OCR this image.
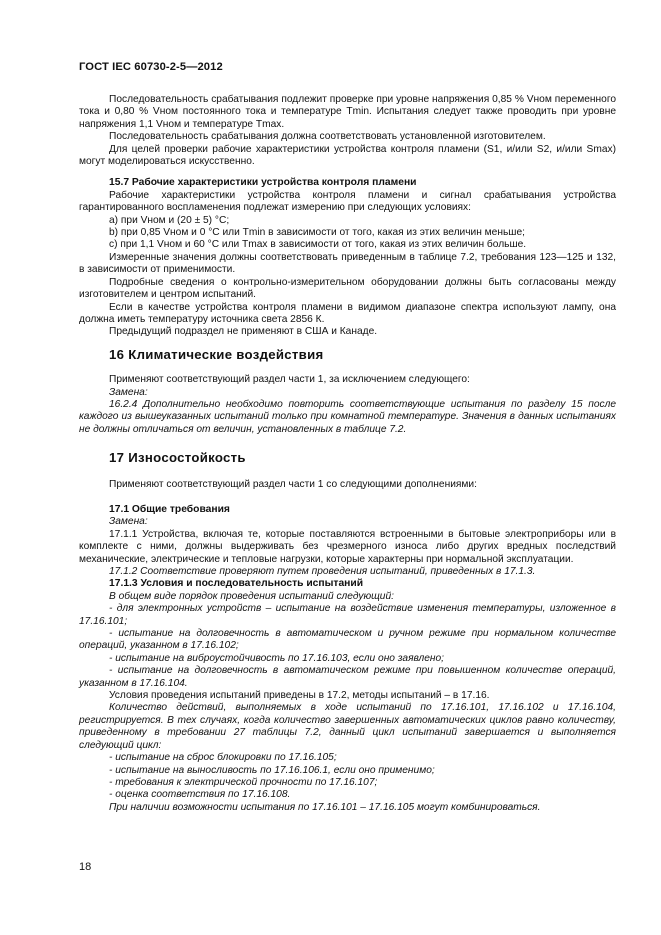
ГОСТ IEC 60730-2-5—2012

Последовательность срабатывания подлежит проверке при уровне напряжения 0,85 % Vном переменного тока и 0,80 % Vном постоянного тока и температуре Tmin. Испытания следует также проводить при уровне напряжения 1,1 Vном и температуре Tmax.

Последовательность срабатывания должна соответствовать установленной изготовителем.

Для целей проверки рабочие характеристики устройства контроля пламени (S1, и/или S2, и/или Smax) могут моделироваться искусственно.

15.7 Рабочие характеристики устройства контроля пламени

Рабочие характеристики устройства контроля пламени и сигнал срабатывания устройства гарантированного воспламенения подлежат измерению при следующих условиях:

a) при Vном и (20 ± 5) °C;

b) при 0,85 Vном и 0 °C или Tmin в зависимости от того, какая из этих величин меньше;

c) при 1,1 Vном и 60 °C или Tmax в зависимости от того, какая из этих величин больше.

Измеренные значения должны соответствовать приведенным в таблице 7.2, требования 123—125 и 132, в зависимости от применимости.

Подробные сведения о контрольно-измерительном оборудовании должны быть согласованы между изготовителем и центром испытаний.

Если в качестве устройства контроля пламени в видимом диапазоне спектра используют лампу, она должна иметь температуру источника света 2856 К.

Предыдущий подраздел не применяют в США и Канаде.

16 Климатические воздействия

Применяют соответствующий раздел части 1, за исключением следующего:

Замена:

16.2.4 Дополнительно необходимо повторить соответствующие испытания по разделу 15 после каждого из вышеуказанных испытаний только при комнатной температуре. Значения в данных испытаниях не должны отличаться от величин, установленных в таблице 7.2.

17 Износостойкость

Применяют соответствующий раздел части 1 со следующими дополнениями:

17.1 Общие требования

Замена:

17.1.1 Устройства, включая те, которые поставляются встроенными в бытовые электроприборы или в комплекте с ними, должны выдерживать без чрезмерного износа либо других вредных последствий механические, электрические и тепловые нагрузки, которые характерны при нормальной эксплуатации.

17.1.2 Соответствие проверяют путем проведения испытаний, приведенных в 17.1.3.

17.1.3 Условия и последовательность испытаний

В общем виде порядок проведения испытаний следующий:

- для электронных устройств – испытание на воздействие изменения температуры, изложенное в 17.16.101;

- испытание на долговечность в автоматическом и ручном режиме при нормальном количестве операций, указанном в 17.16.102;

- испытание на виброустойчивость по 17.16.103, если оно заявлено;

- испытание на долговечность в автоматическом режиме при повышенном количестве операций, указанном в 17.16.104.

Условия проведения испытаний приведены в 17.2, методы испытаний – в 17.16.

Количество действий, выполняемых в ходе испытаний по 17.16.101, 17.16.102 и 17.16.104, регистрируется. В тех случаях, когда количество завершенных автоматических циклов равно количеству, приведенному в требовании 27 таблицы 7.2, данный цикл испытаний завершается и выполняется следующий цикл:

- испытание на сброс блокировки по 17.16.105;

- испытание на выносливость по 17.16.106.1, если оно применимо;

- требования к электрической прочности по 17.16.107;

- оценка соответствия по 17.16.108.

При наличии возможности испытания по 17.16.101 – 17.16.105 могут комбинироваться.

18
